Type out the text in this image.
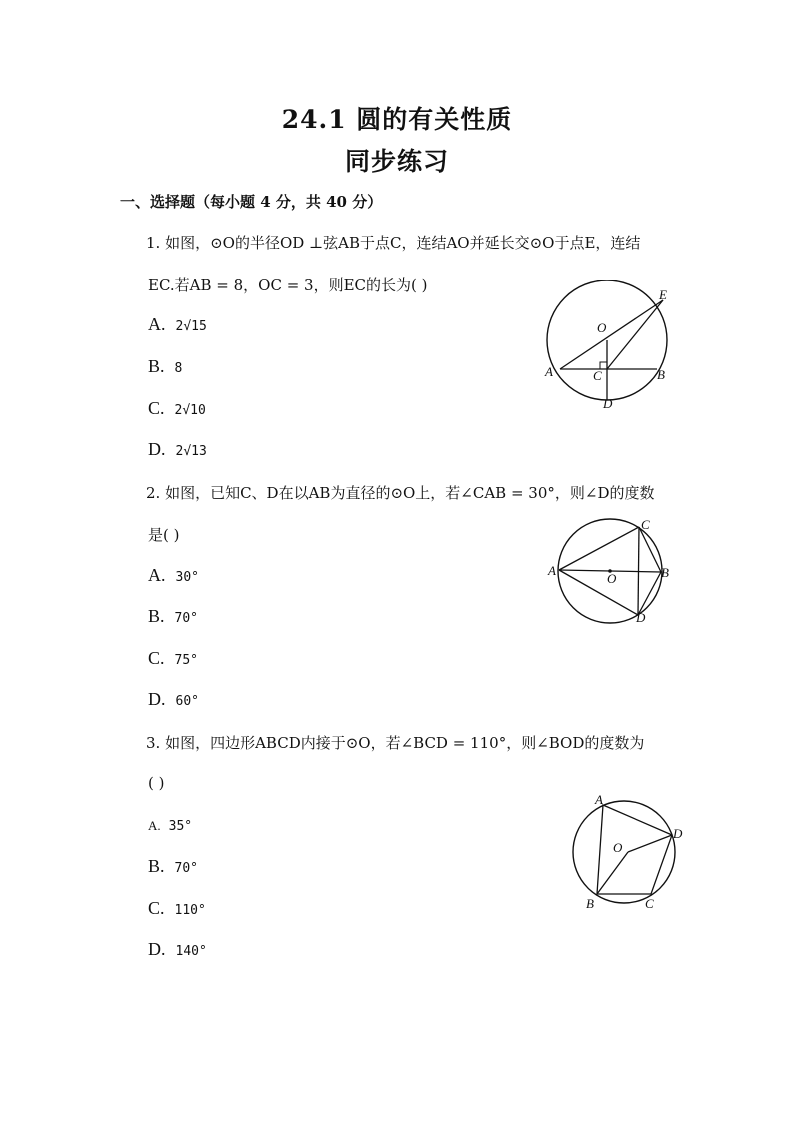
24.1 圆的有关性质
同步练习
一、选择题（每小题 4 分，共 40 分）
1. 如图，⊙O的半径OD ⊥弦AB于点C，连结AO并延长交⊙O于点E，连结
EC.若AB = 8，OC = 3，则EC的长为( )
A. 2√15
B. 8
C. 2√10
D. 2√13
O
A	B
C
D
E
2. 如图，已知C、D在以AB为直径的⊙O上，若∠CAB = 30°，则∠D的度数
是( )
A. 30°
B. 70°
C. 75°
D. 60°
O
A	B
C
D
3. 如图，四边形ABCD内接于⊙O，若∠BCD = 110°，则∠BOD的度数为
( )
A. 35°
B. 70°
C. 110°
D. 140°
O
A
B	C
D
